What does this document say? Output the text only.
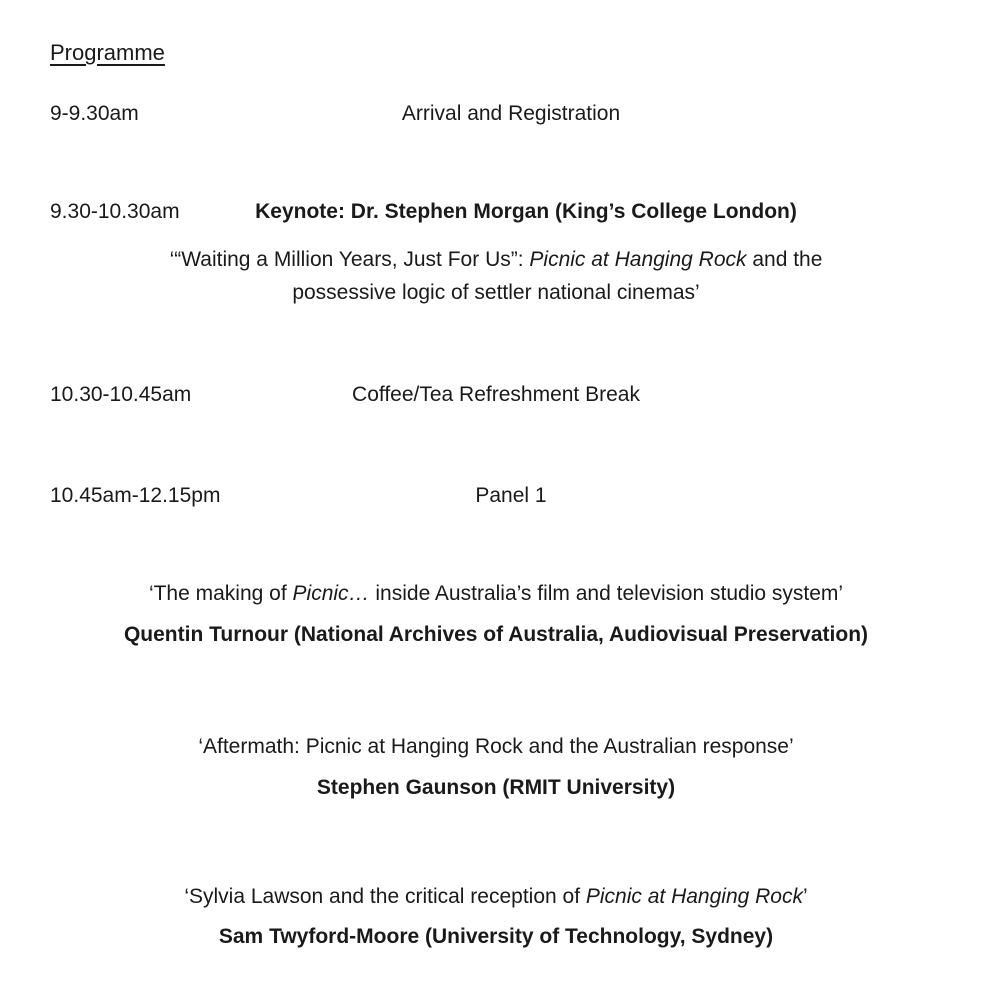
Programme
9-9.30am	Arrival and Registration
9.30-10.30am	Keynote: Dr. Stephen Morgan (King’s College London)
‘“Waiting a Million Years, Just For Us”: Picnic at Hanging Rock and the
possessive logic of settler national cinemas’
10.30-10.45am	Coffee/Tea Refreshment Break
10.45am-12.15pm	Panel 1
‘The making of Picnic… inside Australia’s film and television studio system’
Quentin Turnour (National Archives of Australia, Audiovisual Preservation)
‘Aftermath: Picnic at Hanging Rock and the Australian response’
Stephen Gaunson (RMIT University)
‘Sylvia Lawson and the critical reception of Picnic at Hanging Rock’
Sam Twyford-Moore (University of Technology, Sydney)
